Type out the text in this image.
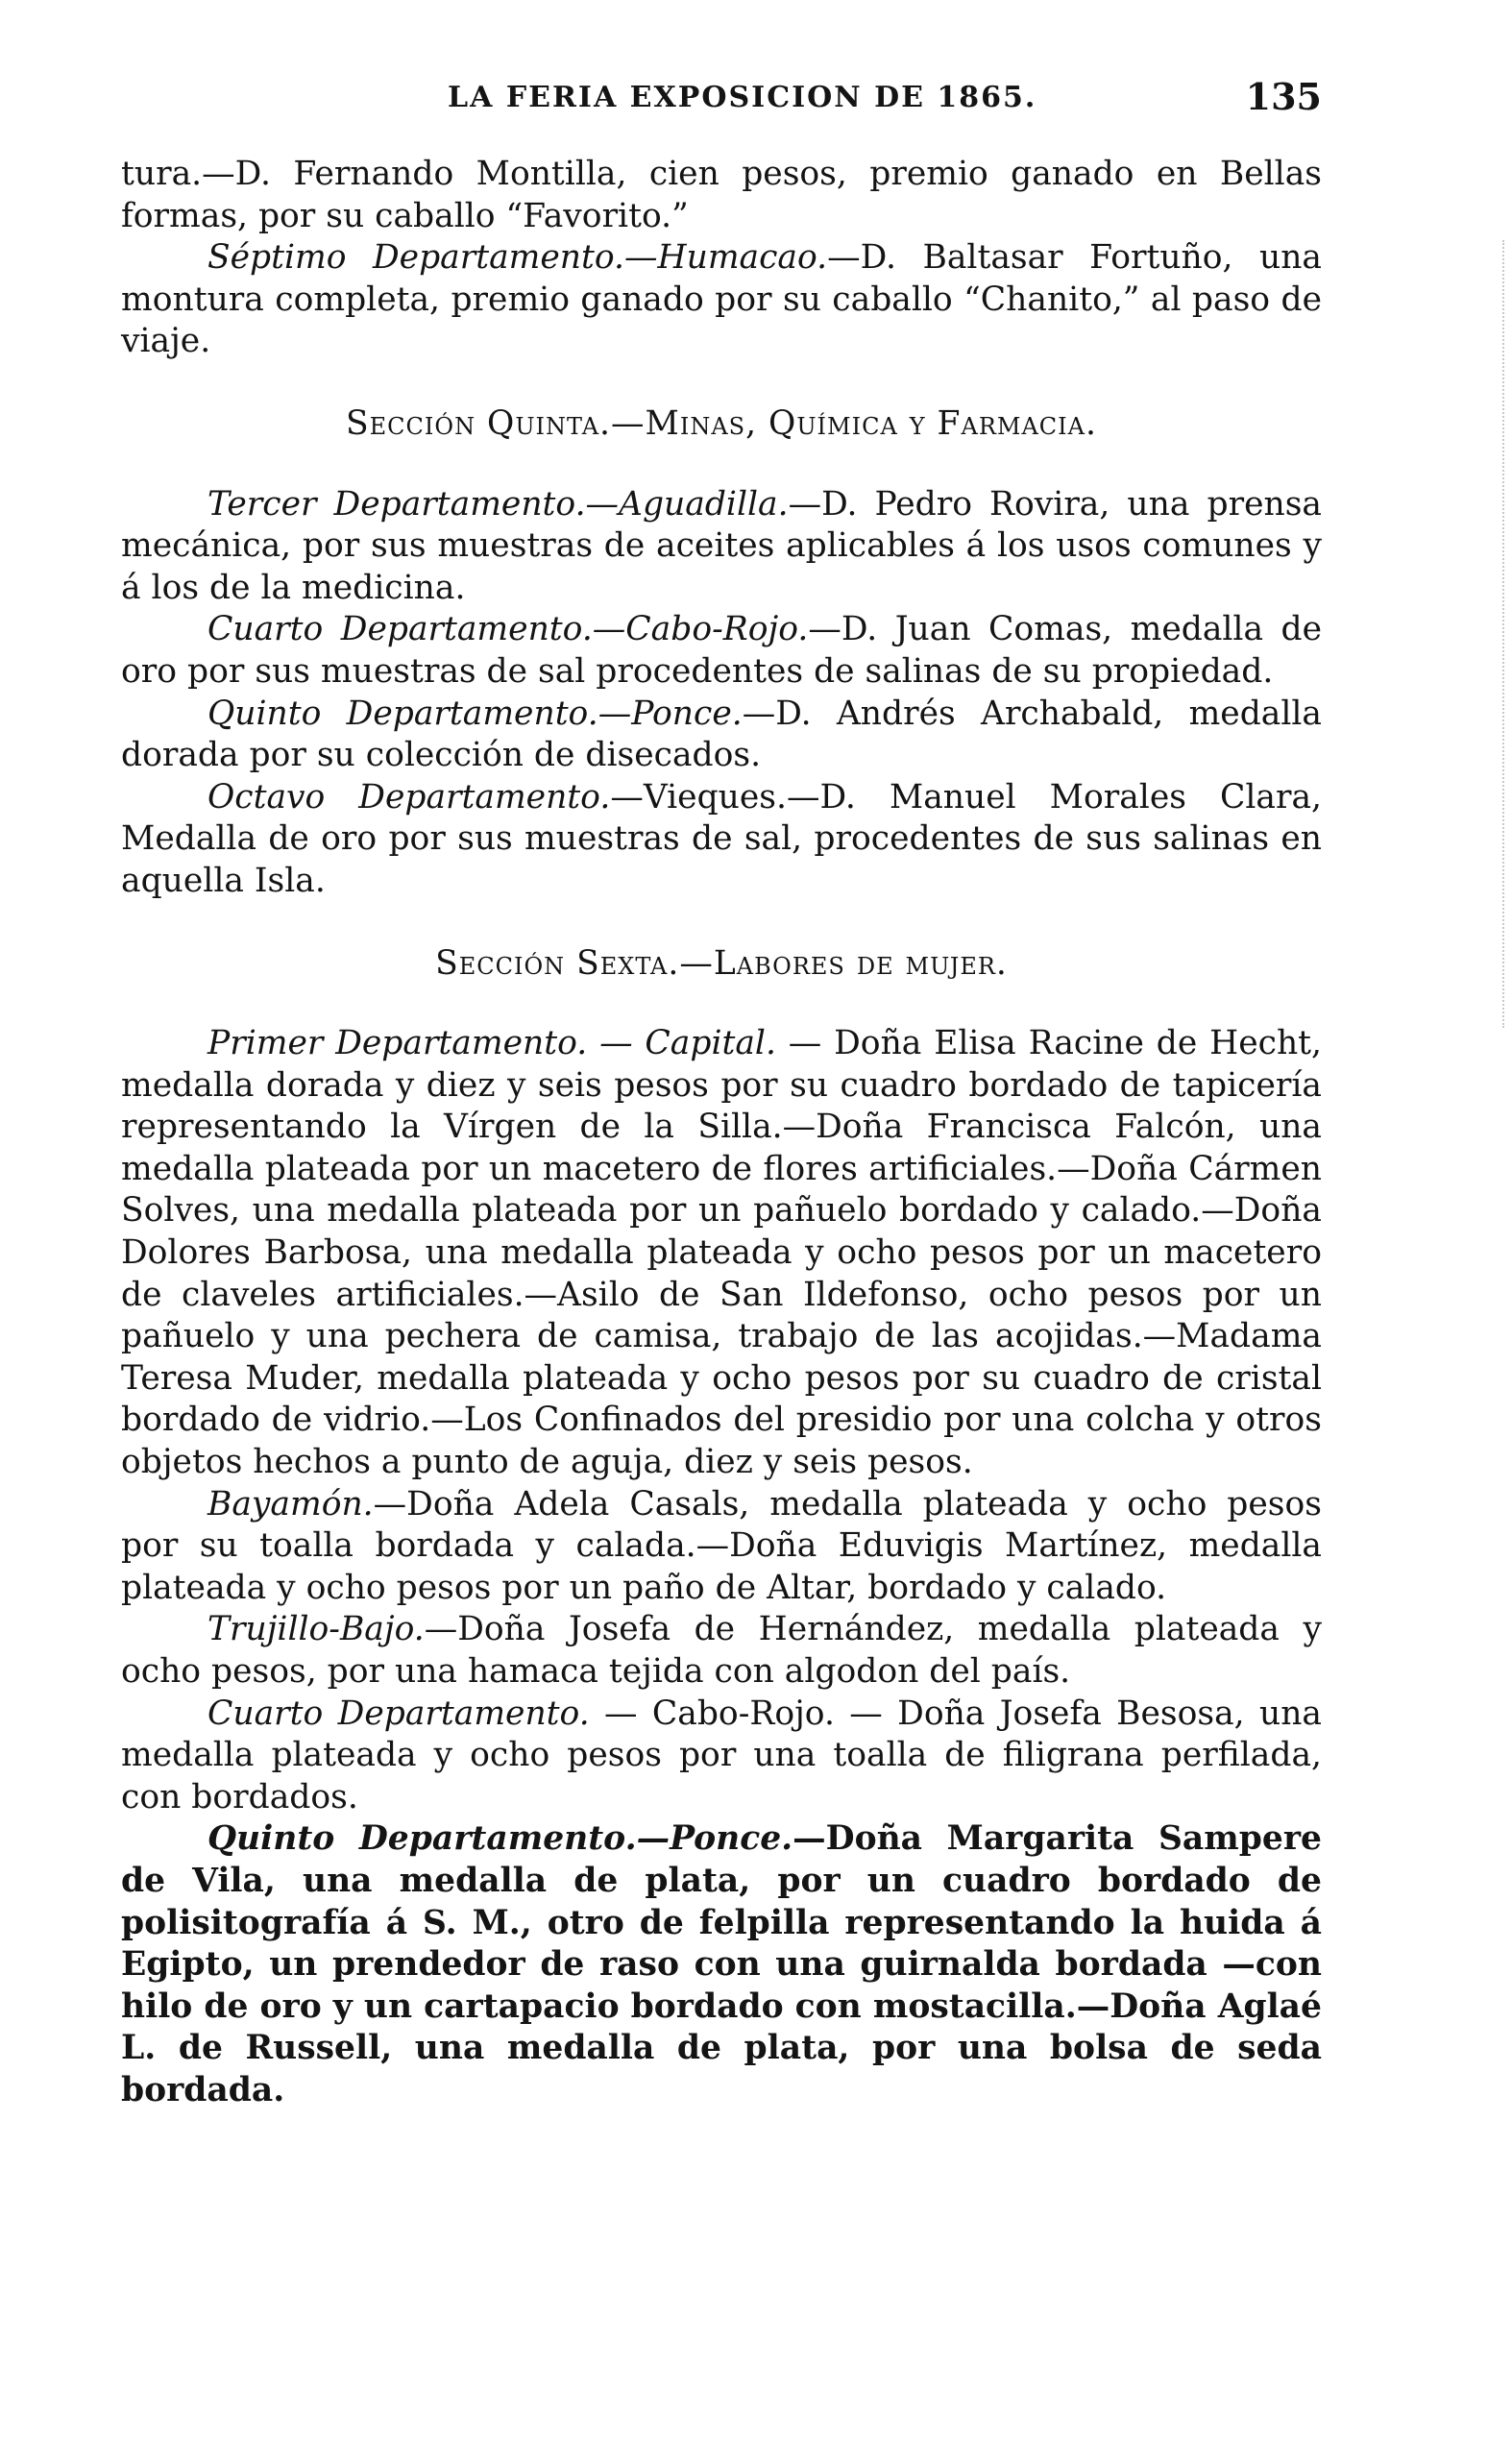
LA FERIA EXPOSICION DE 1865.	135

tura.—D. Fernando Montilla, cien pesos, premio ganado en Bellas formas, por su caballo “Favorito.”

Séptimo Departamento.—Humacao.—D. Baltasar Fortuño, una montura completa, premio ganado por su caballo “Chanito,” al paso de viaje.

Sección Quinta.—Minas, Química y Farmacia.

Tercer Departamento.—Aguadilla.—D. Pedro Rovira, una prensa mecánica, por sus muestras de aceites aplicables á los usos comunes y á los de la medicina.

Cuarto Departamento.—Cabo-Rojo.—D. Juan Comas, medalla de oro por sus muestras de sal procedentes de salinas de su propiedad.

Quinto Departamento.—Ponce.—D. Andrés Archabald, medalla dorada por su colección de disecados.

Octavo Departamento.—Vieques.—D. Manuel Morales Clara, Medalla de oro por sus muestras de sal, procedentes de sus salinas en aquella Isla.

Sección Sexta.—Labores de mujer.

Primer Departamento. — Capital. — Doña Elisa Racine de Hecht, medalla dorada y diez y seis pesos por su cuadro bordado de tapicería representando la Vírgen de la Silla.—Doña Francisca Falcón, una medalla plateada por un macetero de flores artificiales.—Doña Cármen Solves, una medalla plateada por un pañuelo bordado y calado.—Doña Dolores Barbosa, una medalla plateada y ocho pesos por un macetero de claveles artificiales.—Asilo de San Ildefonso, ocho pesos por un pañuelo y una pechera de camisa, trabajo de las acojidas.—Madama Teresa Muder, medalla plateada y ocho pesos por su cuadro de cristal bordado de vidrio.—Los Confinados del presidio por una colcha y otros objetos hechos a punto de aguja, diez y seis pesos.

Bayamón.—Doña Adela Casals, medalla plateada y ocho pesos por su toalla bordada y calada.—Doña Eduvigis Martínez, medalla plateada y ocho pesos por un paño de Altar, bordado y calado.

Trujillo-Bajo.—Doña Josefa de Hernández, medalla plateada y ocho pesos, por una hamaca tejida con algodon del país.

Cuarto Departamento. — Cabo-Rojo. — Doña Josefa Besosa, una medalla plateada y ocho pesos por una toalla de filigrana perfilada, con bordados.

Quinto Departamento.—Ponce.—Doña Margarita Sampere de Vila, una medalla de plata, por un cuadro bordado de polisitografía á S. M., otro de felpilla representando la huida á Egipto, un prendedor de raso con una guirnalda bordada —con hilo de oro y un cartapacio bordado con mostacilla.—Doña Aglaé L. de Russell, una medalla de plata, por una bolsa de seda bordada.
